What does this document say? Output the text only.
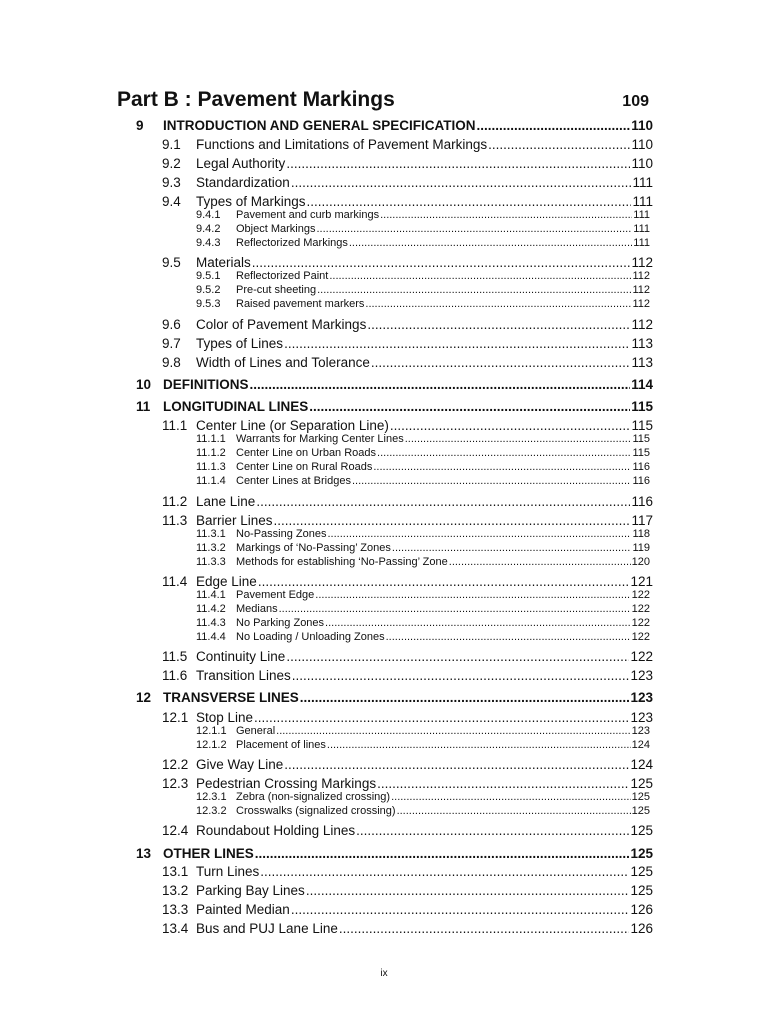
Part B : Pavement Markings	109
9	INTRODUCTION AND GENERAL SPECIFICATION .....	110
9.1	Functions and Limitations of Pavement Markings .....	110
9.2	Legal Authority .....	110
9.3	Standardization .....	111
9.4	Types of Markings .....	111
9.4.1	Pavement and curb markings .....	111
9.4.2	Object Markings .....	111
9.4.3	Reflectorized Markings .....	111
9.5	Materials .....	112
9.5.1	Reflectorized Paint .....	112
9.5.2	Pre-cut sheeting .....	112
9.5.3	Raised pavement markers .....	112
9.6	Color of Pavement Markings .....	112
9.7	Types of Lines .....	113
9.8	Width of Lines and Tolerance .....	113
10 DEFINITIONS .....	114
11 LONGITUDINAL LINES .....	115
11.1 Center Line (or Separation Line) .....	115
11.1.1 Warrants for Marking Center Lines .....	115
11.1.2 Center Line on Urban Roads .....	115
11.1.3 Center Line on Rural Roads .....	116
11.1.4 Center Lines at Bridges .....	116
11.2 Lane Line .....	116
11.3 Barrier Lines .....	117
11.3.1 No-Passing Zones .....	118
11.3.2 Markings of ‘No-Passing’ Zones .....	119
11.3.3 Methods for establishing ‘No-Passing’ Zone .....	120
11.4 Edge Line .....	121
11.4.1 Pavement Edge .....	122
11.4.2 Medians .....	122
11.4.3 No Parking Zones .....	122
11.4.4 No Loading / Unloading Zones .....	122
11.5 Continuity Line .....	122
11.6 Transition Lines .....	123
12 TRANSVERSE LINES .....	123
12.1 Stop Line .....	123
12.1.1 General .....	123
12.1.2 Placement of lines .....	124
12.2 Give Way Line .....	124
12.3 Pedestrian Crossing Markings .....	125
12.3.1 Zebra (non-signalized crossing) .....	125
12.3.2 Crosswalks (signalized crossing) .....	125
12.4 Roundabout Holding Lines .....	125
13 OTHER LINES .....	125
13.1 Turn Lines .....	125
13.2 Parking Bay Lines .....	125
13.3 Painted Median .....	126
13.4 Bus and PUJ Lane Line .....	126
ix
